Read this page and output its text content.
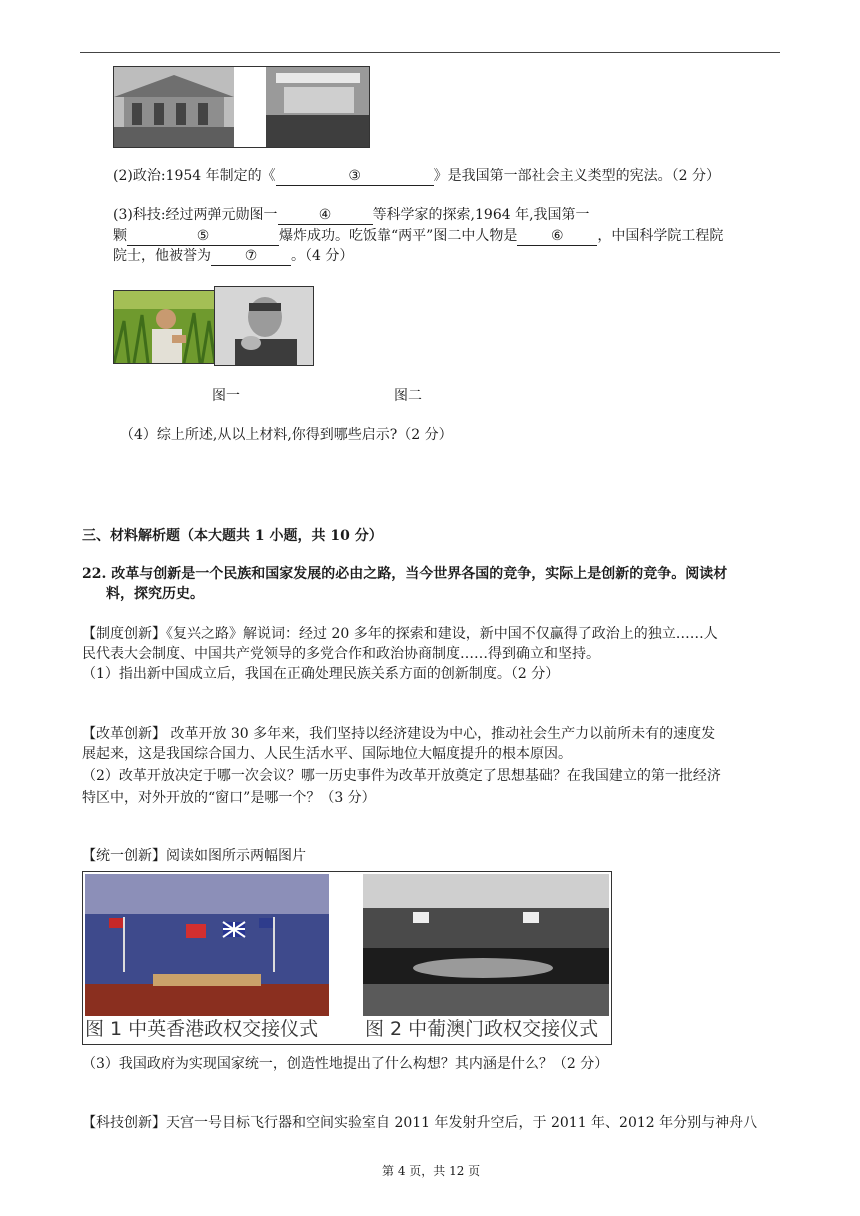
(2)政治:1954 年制定的《	③	》是我国第一部社会主义类型的宪法。（2 分）
(3)科技:经过两弹元勋图一	④	等科学家的探索,1964 年,我国第一
颗	⑤	爆炸成功。吃饭靠“两平”图二中人物是 ⑥ ，中国科学院工程院
院士，他被誉为 ⑦ 。（4 分）
图一	图二
（4）综上所述,从以上材料,你得到哪些启示?（2 分）
三、材料解析题（本大题共 1 小题，共 10 分）
22. 改革与创新是一个民族和国家发展的必由之路，当今世界各国的竞争，实际上是创新的竞争。阅读材
料，探究历史。
【制度创新】《复兴之路》解说词：经过 20 多年的探索和建设，新中国不仅赢得了政治上的独立……人
民代表大会制度、中国共产党领导的多党合作和政治协商制度……得到确立和坚持。
（1）指出新中国成立后，我国在正确处理民族关系方面的创新制度。（2 分）
【改革创新】 改革开放 30 多年来，我们坚持以经济建设为中心，推动社会生产力以前所未有的速度发
展起来，这是我国综合国力、人民生活水平、国际地位大幅度提升的根本原因。
（2）改革开放决定于哪一次会议？哪一历史事件为改革开放奠定了思想基础？在我国建立的第一批经济
特区中，对外开放的“窗口”是哪一个？（3 分）
【统一创新】阅读如图所示两幅图片
图 1 中英香港政权交接仪式 图 2 中葡澳门政权交接仪式
（3）我国政府为实现国家统一，创造性地提出了什么构想？其内涵是什么？（2 分）
【科技创新】天宫一号目标飞行器和空间实验室自 2011 年发射升空后，于 2011 年、2012 年分别与神舟八
第 4 页，共 12 页
